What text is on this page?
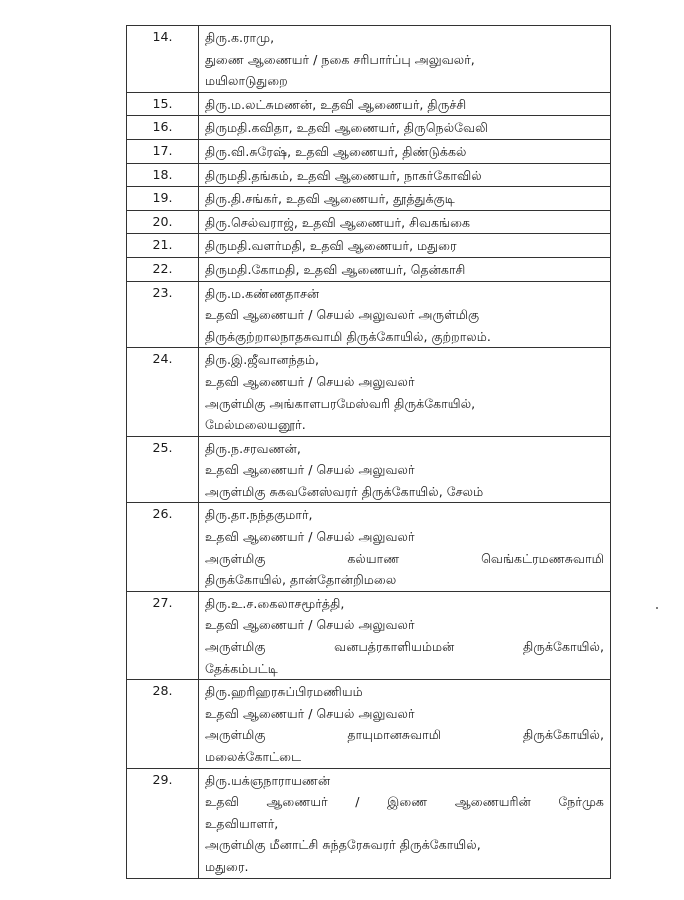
14.	திரு.க.ராமு,
துணை ஆணையர் / நகை சரிபார்ப்பு அலுவலர்,
மயிலாடுதுறை

15.	திரு.ம.லட்சுமணன், உதவி ஆணையர், திருச்சி

16.	திருமதி.கவிதா, உதவி ஆணையர், திருநெல்வேலி

17.	திரு.வி.சுரேஷ், உதவி ஆணையர், திண்டுக்கல்

18.	திருமதி.தங்கம், உதவி ஆணையர், நாகர்கோவில்

19.	திரு.தி.சங்கர், உதவி ஆணையர், தூத்துக்குடி

20.	திரு.செல்வராஜ், உதவி ஆணையர், சிவகங்கை

21.	திருமதி.வளர்மதி, உதவி ஆணையர், மதுரை

22.	திருமதி.கோமதி, உதவி ஆணையர், தென்காசி

23.	திரு.ம.கண்ணதாசன்
உதவி ஆணையர் / செயல் அலுவலர் அருள்மிகு
திருக்குற்றாலநாதசுவாமி திருக்கோயில், குற்றாலம்.

24.	திரு.இ.ஜீவானந்தம்,
உதவி ஆணையர் / செயல் அலுவலர்
அருள்மிகு அங்காளபரமேஸ்வரி திருக்கோயில்,
மேல்மலையனூர்.

25.	திரு.ந.சரவணன்,
உதவி ஆணையர் / செயல் அலுவலர்
அருள்மிகு சுகவனேஸ்வரர் திருக்கோயில், சேலம்

26.	திரு.தா.நந்தகுமார்,
உதவி ஆணையர் / செயல் அலுவலர்
அருள்மிகு கல்யாண வெங்கட்ரமணசுவாமி
திருக்கோயில், தான்தோன்றிமலை

27.	திரு.உ.ச.கைலாசமூர்த்தி,
உதவி ஆணையர் / செயல் அலுவலர்
அருள்மிகு வனபத்ரகாளியம்மன் திருக்கோயில்,
தேக்கம்பட்டி

28.	திரு.ஹரிஹரசுப்பிரமணியம்
உதவி ஆணையர் / செயல் அலுவலர்
அருள்மிகு தாயுமானசுவாமி திருக்கோயில்,
மலைக்கோட்டை

29.	திரு.யக்ஞநாராயணன்
உதவி ஆணையர் / இணை ஆணையரின் நேர்முக
உதவியாளர்,
அருள்மிகு மீனாட்சி சுந்தரேசுவரர் திருக்கோயில்,
மதுரை.
